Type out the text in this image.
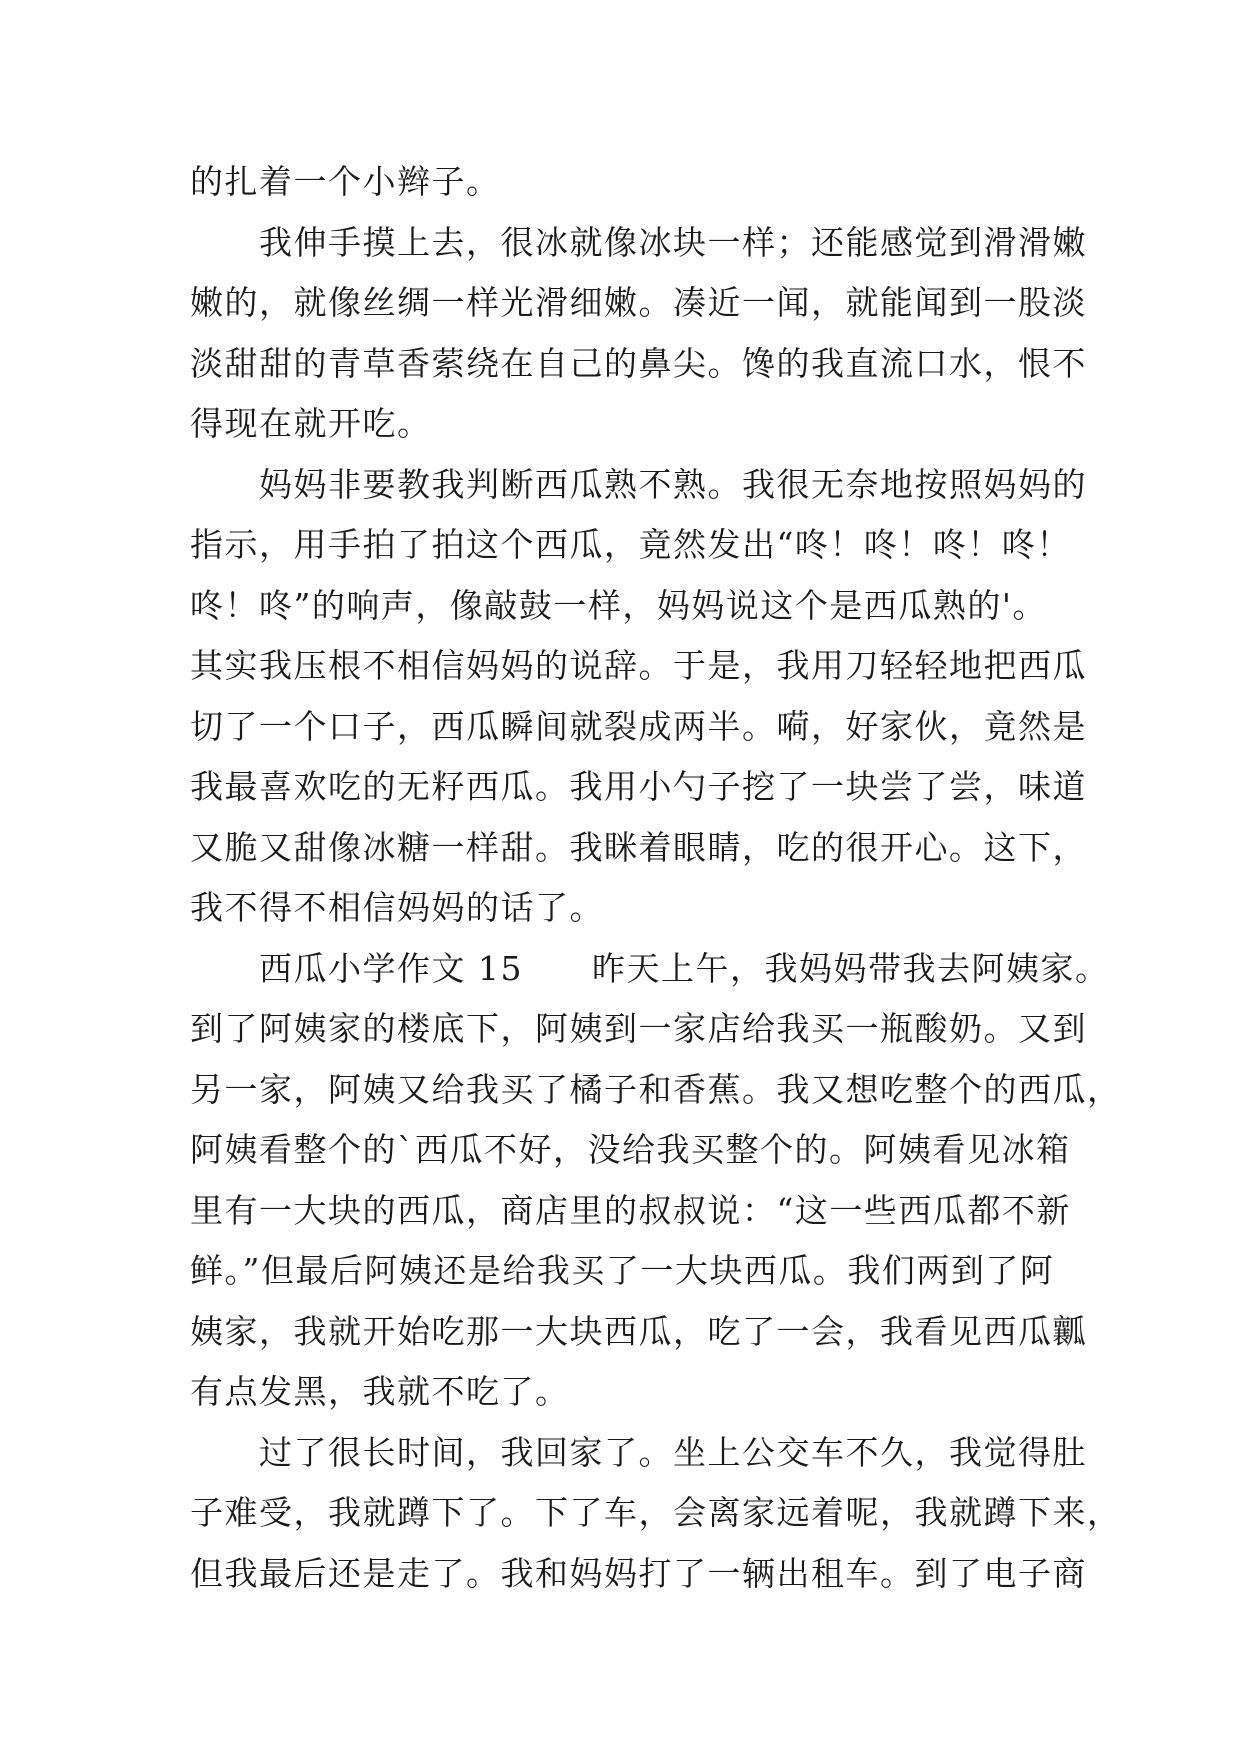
的扎着一个小辫子。
　　我伸手摸上去，很冰就像冰块一样；还能感觉到滑滑嫩
嫩的，就像丝绸一样光滑细嫩。凑近一闻，就能闻到一股淡
淡甜甜的青草香萦绕在自己的鼻尖。馋的我直流口水，恨不
得现在就开吃。
　　妈妈非要教我判断西瓜熟不熟。我很无奈地按照妈妈的
指示，用手拍了拍这个西瓜，竟然发出“咚！咚！咚！咚！
咚！咚”的响声，像敲鼓一样，妈妈说这个是西瓜熟的'。
其实我压根不相信妈妈的说辞。于是，我用刀轻轻地把西瓜
切了一个口子，西瓜瞬间就裂成两半。嗬，好家伙，竟然是
我最喜欢吃的无籽西瓜。我用小勺子挖了一块尝了尝，味道
又脆又甜像冰糖一样甜。我眯着眼睛，吃的很开心。这下，
我不得不相信妈妈的话了。
　　西瓜小学作文 15　　昨天上午，我妈妈带我去阿姨家。
到了阿姨家的楼底下，阿姨到一家店给我买一瓶酸奶。又到
另一家，阿姨又给我买了橘子和香蕉。我又想吃整个的西瓜，
阿姨看整个的`西瓜不好，没给我买整个的。阿姨看见冰箱
里有一大块的西瓜，商店里的叔叔说：“这一些西瓜都不新
鲜。”但最后阿姨还是给我买了一大块西瓜。我们两到了阿
姨家，我就开始吃那一大块西瓜，吃了一会，我看见西瓜瓤
有点发黑，我就不吃了。
　　过了很长时间，我回家了。坐上公交车不久，我觉得肚
子难受，我就蹲下了。下了车，会离家远着呢，我就蹲下来，
但我最后还是走了。我和妈妈打了一辆出租车。到了电子商
